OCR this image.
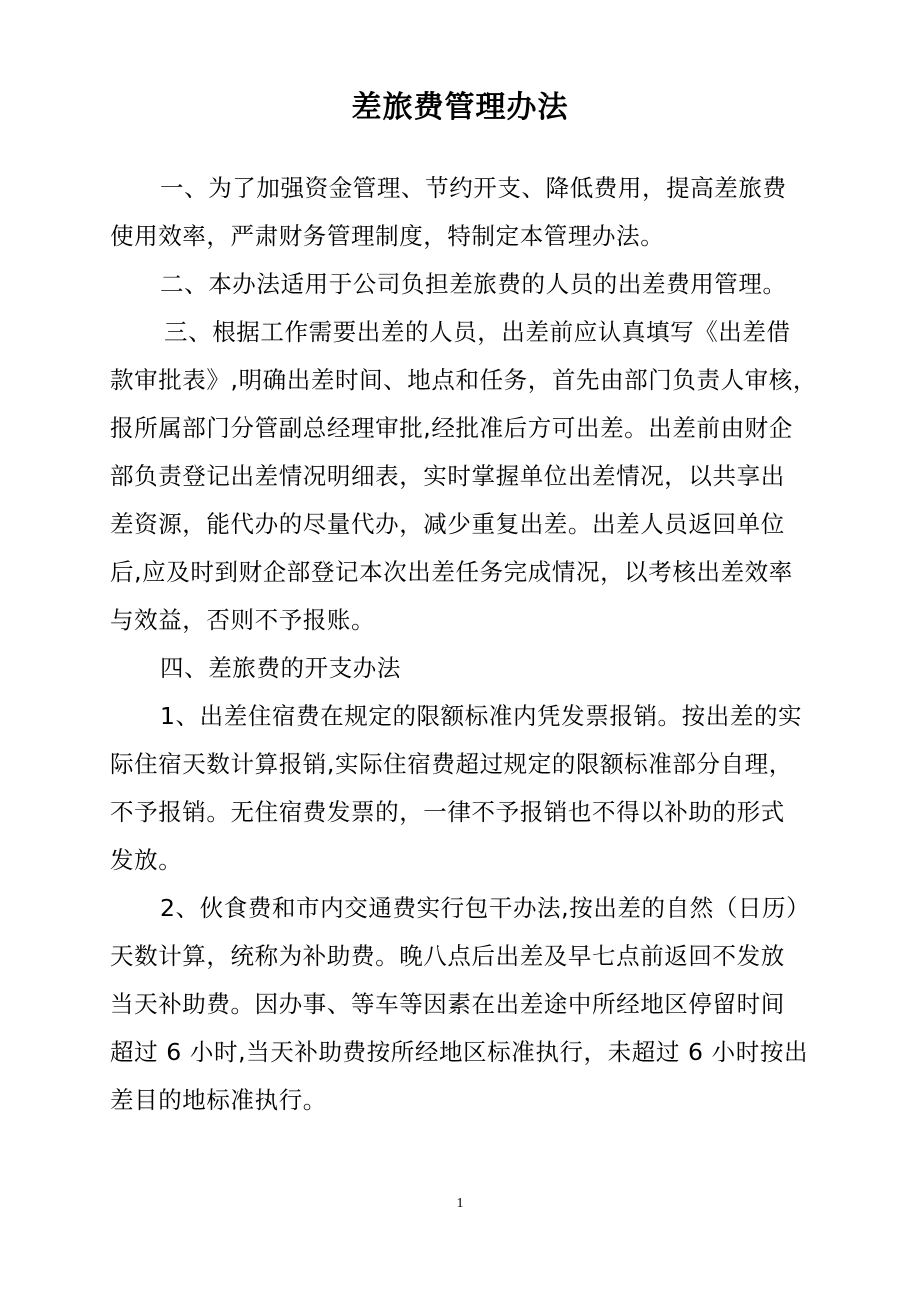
差旅费管理办法
一、为了加强资金管理、节约开支、降低费用，提高差旅费
使用效率，严肃财务管理制度，特制定本管理办法。
二、本办法适用于公司负担差旅费的人员的出差费用管理。
三、根据工作需要出差的人员，出差前应认真填写《出差借
款审批表》,明确出差时间、地点和任务，首先由部门负责人审核，
报所属部门分管副总经理审批,经批准后方可出差。出差前由财企
部负责登记出差情况明细表，实时掌握单位出差情况，以共享出
差资源，能代办的尽量代办，减少重复出差。出差人员返回单位
后,应及时到财企部登记本次出差任务完成情况，以考核出差效率
与效益，否则不予报账。
四、差旅费的开支办法
1、出差住宿费在规定的限额标准内凭发票报销。按出差的实
际住宿天数计算报销,实际住宿费超过规定的限额标准部分自理，
不予报销。无住宿费发票的，一律不予报销也不得以补助的形式
发放。
2、伙食费和市内交通费实行包干办法,按出差的自然（日历）
天数计算，统称为补助费。晚八点后出差及早七点前返回不发放
当天补助费。因办事、等车等因素在出差途中所经地区停留时间
超过 6 小时,当天补助费按所经地区标准执行，未超过 6 小时按出
差目的地标准执行。
1
